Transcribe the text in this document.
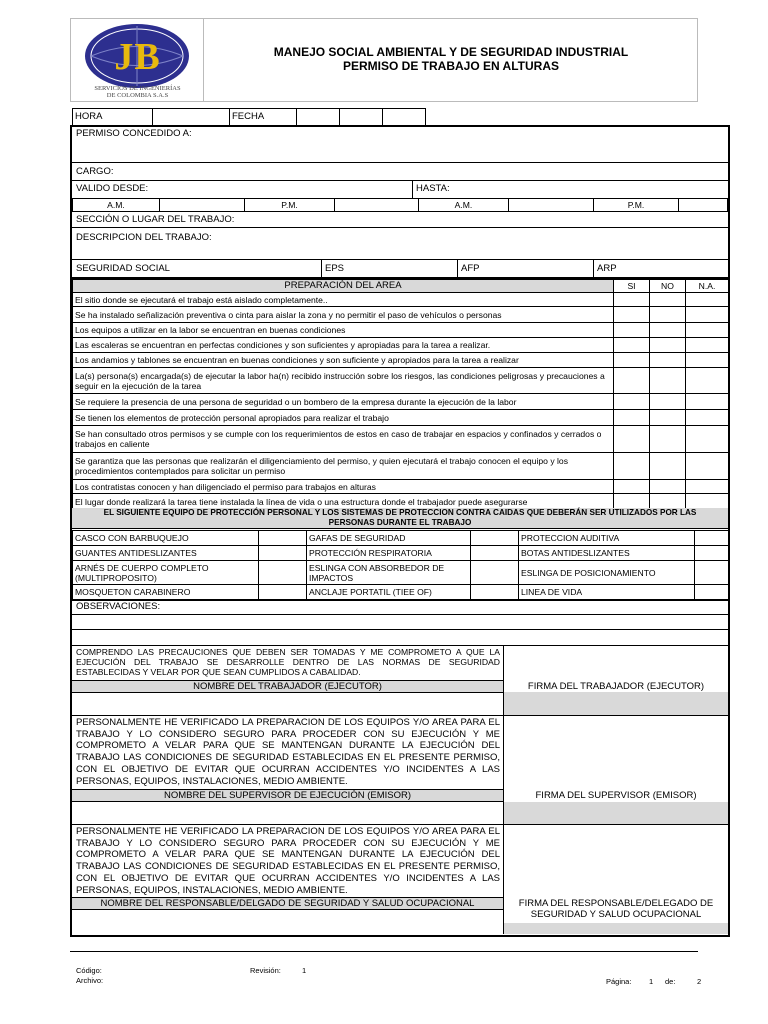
JB
SERVICIOS DE INGENIERÍAS
DE COLOMBIA S.A.S
MANEJO SOCIAL AMBIENTAL Y DE SEGURIDAD INDUSTRIAL
PERMISO DE TRABAJO EN ALTURAS
HORA		FECHA			
PERMISO CONCEDIDO A:
CARGO:
VALIDO DESDE:	HASTA:
A.M.		P.M.		A.M.		P.M.	
SECCIÓN O LUGAR DEL TRABAJO:
DESCRIPCION DEL TRABAJO:
SEGURIDAD SOCIAL	EPS	AFP	ARP
PREPARACIÓN DEL AREA	SI	NO	N.A.
El sitio donde se ejecutará el trabajo está aislado completamente..			
Se ha instalado señalización preventiva o cinta para aislar la zona y no permitir el paso de vehículos o personas			
Los equipos a utilizar en la labor se encuentran en buenas condiciones			
Las escaleras se encuentran en perfectas condiciones y son suficientes y apropiadas para la tarea a realizar.			
Los andamios y tablones se encuentran en buenas condiciones y son suficiente y apropiados para la tarea a realizar			
La(s) persona(s) encargada(s) de ejecutar la labor ha(n) recibido instrucción sobre los riesgos, las condiciones peligrosas y precauciones a seguir en la ejecución de la tarea			
Se requiere la presencia de una persona de seguridad o un bombero de la empresa durante la ejecución de la labor			
Se tienen los elementos de protección personal apropiados para realizar el trabajo			
Se han consultado otros permisos y se cumple con los requerimientos de estos en caso de trabajar en espacios y confinados y cerrados o trabajos en caliente			
Se garantiza que las personas que realizarán el diligenciamiento del permiso, y quien ejecutará el trabajo conocen el equipo y los procedimientos contemplados para solicitar un permiso			
Los contratistas conocen y han diligenciado el permiso para trabajos en alturas			
El lugar donde realizará la tarea tiene instalada la línea de vida o una estructura donde el trabajador puede asegurarse			
EL SIGUIENTE EQUIPO DE PROTECCIÓN PERSONAL Y LOS SISTEMAS DE PROTECCION CONTRA CAIDAS QUE DEBERÁN SER UTILIZADOS POR LAS
PERSONAS DURANTE EL TRABAJO
CASCO CON BARBUQUEJO		GAFAS DE SEGURIDAD		PROTECCION AUDITIVA	
GUANTES ANTIDESLIZANTES		PROTECCIÓN RESPIRATORIA		BOTAS ANTIDESLIZANTES	
ARNÉS DE CUERPO COMPLETO (MULTIPROPOSITO)		ESLINGA CON ABSORBEDOR DE IMPACTOS		ESLINGA DE POSICIONAMIENTO	
MOSQUETON CARABINERO		ANCLAJE PORTATIL (TIEE OF)		LINEA DE VIDA	
OBSERVACIONES:
COMPRENDO LAS PRECAUCIONES QUE DEBEN SER TOMADAS Y ME COMPROMETO A QUE LA EJECUCIÓN DEL TRABAJO SE DESARROLLE DENTRO DE LAS NORMAS DE SEGURIDAD ESTABLECIDAS Y VELAR POR QUE SEAN CUMPLIDOS A CABALIDAD.
NOMBRE DEL TRABAJADOR (EJECUTOR)	FIRMA DEL TRABAJADOR (EJECUTOR)
PERSONALMENTE HE VERIFICADO LA PREPARACION DE LOS EQUIPOS Y/O AREA PARA EL TRABAJO Y LO CONSIDERO SEGURO PARA PROCEDER CON SU EJECUCIÓN Y ME COMPROMETO A VELAR PARA QUE SE MANTENGAN DURANTE LA EJECUCIÓN DEL TRABAJO LAS CONDICIONES DE SEGURIDAD ESTABLECIDAS EN EL PRESENTE PERMISO, CON EL OBJETIVO DE EVITAR QUE OCURRAN ACCIDENTES Y/O INCIDENTES A LAS PERSONAS, EQUIPOS, INSTALACIONES, MEDIO AMBIENTE.
NOMBRE DEL SUPERVISOR DE EJECUCIÓN (EMISOR)	FIRMA DEL SUPERVISOR (EMISOR)
PERSONALMENTE HE VERIFICADO LA PREPARACION DE LOS EQUIPOS Y/O AREA PARA EL TRABAJO Y LO CONSIDERO SEGURO PARA PROCEDER CON SU EJECUCIÓN Y ME COMPROMETO A VELAR PARA QUE SE MANTENGAN DURANTE LA EJECUCIÓN DEL TRABAJO LAS CONDICIONES DE SEGURIDAD ESTABLECIDAS EN EL PRESENTE PERMISO, CON EL OBJETIVO DE EVITAR QUE OCURRAN ACCIDENTES Y/O INCIDENTES A LAS PERSONAS, EQUIPOS, INSTALACIONES, MEDIO AMBIENTE.
NOMBRE DEL RESPONSABLE/DELGADO DE SEGURIDAD Y SALUD OCUPACIONAL	FIRMA DEL RESPONSABLE/DELEGADO DE
SEGURIDAD Y SALUD OCUPACIONAL
Código:
Archivo:
Revisión:	1
Página: 1 de:	2
